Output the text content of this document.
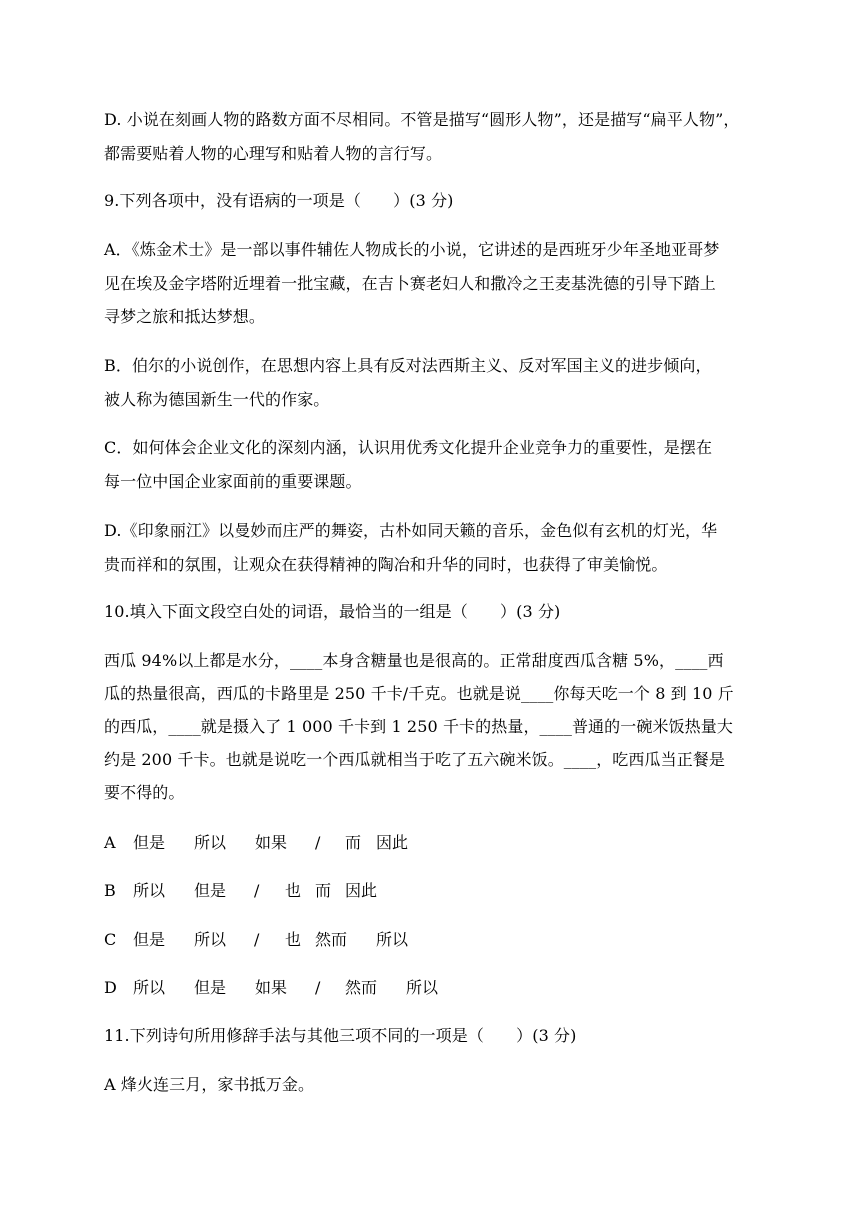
D. 小说在刻画人物的路数方面不尽相同。不管是描写“圆形人物”，还是描写“扁平人物”，
都需要贴着人物的心理写和贴着人物的言行写。
9.下列各项中，没有语病的一项是（　　）(3 分)
A．《炼金术士》是一部以事件辅佐人物成长的小说，它讲述的是西班牙少年圣地亚哥梦
见在埃及金字塔附近埋着一批宝藏，在吉卜赛老妇人和撒冷之王麦基洗德的引导下踏上
寻梦之旅和抵达梦想。
B．伯尔的小说创作，在思想内容上具有反对法西斯主义、反对军国主义的进步倾向，
被人称为德国新生一代的作家。
C．如何体会企业文化的深刻内涵，认识用优秀文化提升企业竞争力的重要性，是摆在
每一位中国企业家面前的重要课题。
D.《印象丽江》以曼妙而庄严的舞姿，古朴如同天籁的音乐，金色似有玄机的灯光，华
贵而祥和的氛围，让观众在获得精神的陶冶和升华的同时，也获得了审美愉悦。
10.填入下面文段空白处的词语，最恰当的一组是（　　）(3 分)
西瓜 94%以上都是水分，____本身含糖量也是很高的。正常甜度西瓜含糖 5%，____西
瓜的热量很高，西瓜的卡路里是 250 千卡/千克。也就是说____你每天吃一个 8 到 10 斤
的西瓜，____就是摄入了 1 000 千卡到 1 250 千卡的热量，____普通的一碗米饭热量大
约是 200 千卡。也就是说吃一个西瓜就相当于吃了五六碗米饭。____，吃西瓜当正餐是
要不得的。
A 但是 所以 如果 / 而 因此
B 所以 但是 / 也 而 因此
C 但是 所以 / 也 然而 所以
D 所以 但是 如果 / 然而 所以
11.下列诗句所用修辞手法与其他三项不同的一项是（　　）(3 分)
A 烽火连三月，家书抵万金。
